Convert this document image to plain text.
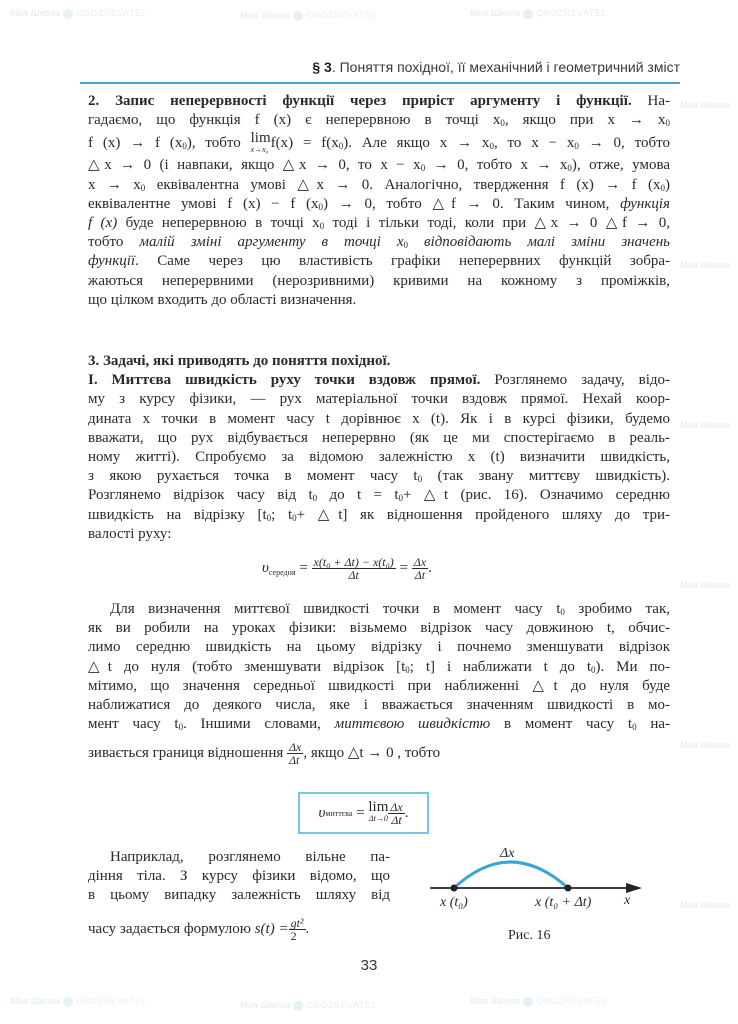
Моя Школа OBOZREVATEL	Моя Школа OBOZREVATEL	Моя Школа OBOZREVATEL
Моя Школа OBOZREVATEL	Моя Школа OBOZREVATEL	Моя Школа OBOZREVATEL
Моя Школа
Моя Школа
Моя Школа
Моя Школа
Моя Школа
Моя Школа
§ 3. Поняття похідної, її механічний і геометричний зміст
2. Запис неперервності функції через приріст аргументу і функції. На-
гадаємо, що функція f (x) є неперервною в точці $x_0$, якщо при $x \to x_0$
f (x) → f $(x_0)$, тобто lim
x→x₀ $f(x) = f(x_0)$. Але якщо $x \to x_0$, то $x - x_0 \to 0$, тобто
△x → 0 (і навпаки, якщо △x → 0, то $x - x_0 \to 0$, тобто $x \to x_0$), отже, умова
$x \to x_0$ еквівалентна умові △x → 0. Аналогічно, твердження f (x) → f $(x_0)$
еквівалентне умові f (x) − f $(x_0) \to 0$, тобто △f → 0. Таким чином, функція
f (x) буде неперервною в точці $x_0$ тоді і тільки тоді, коли при △x → 0 △f → 0,
тобто малій зміні аргументу в точці $x_0$ відповідають малі зміни значень
функції. Саме через цю властивість графіки неперервних функцій зобра-
жаються неперервними (нерозривними) кривими на кожному з проміжків,
що цілком входить до області визначення.
3. Задачі, які приводять до поняття похідної.
І. Миттєва швидкість руху точки вздовж прямої. Розглянемо задачу, відо-
му з курсу фізики, — рух матеріальної точки вздовж прямої. Нехай коор-
дината x точки в момент часу t дорівнює x (t). Як і в курсі фізики, будемо
вважати, що рух відбувається неперервно (як це ми спостерігаємо в реаль-
ному житті). Спробуємо за відомою залежністю x (t) визначити швидкість,
з якою рухається точка в момент часу $t_0$ (так звану миттєву швидкість).
Розглянемо відрізок часу від $t_0$ до $t = t_0+$ △t (рис. 16). Означимо середню
швидкість на відрізку [$t_0$; $t_0+$ △t] як відношення пройденого шляху до три-
валості руху:
$\upsilon_{середня} = \frac{\text{x(t₀ + Δt) − x(t₀)}}{\Delta t} = \frac{\Delta x}{\Delta t}$ .
Для визначення миттєвої швидкості точки в момент часу $t_0$ зробимо так,
як ви робили на уроках фізики: візьмемо відрізок часу довжиною t, обчис-
лимо середню швидкість на цьому відрізку і почнемо зменшувати відрізок
△t до нуля (тобто зменшувати відрізок [$t_0$; t] і наближати t до $t_0$). Ми по-
мітимо, що значення середньої швидкості при наближенні △t до нуля буде
наближатися до деякого числа, яке і вважається значенням швидкості в мо-
мент часу $t_0$. Іншими словами, миттєвою швидкістю в момент часу $t_0$ на-
зивається границя відношення $\frac{\Delta x}{\Delta t}$ , якщо △t → 0 , тобто
υ миттєва = lim
$\Delta t\to 0 \frac{\Delta x}{\Delta t}$ .
Наприклад, розглянемо вільне па-
діння тіла. З курсу фізики відомо, що
в цьому випадку залежність шляху від
часу задається формулою $s(t) = \frac{\text{gt²}}{2}$ .
Δx
x (t₀)	x (t₀ + Δt) x
Рис. 16
33
